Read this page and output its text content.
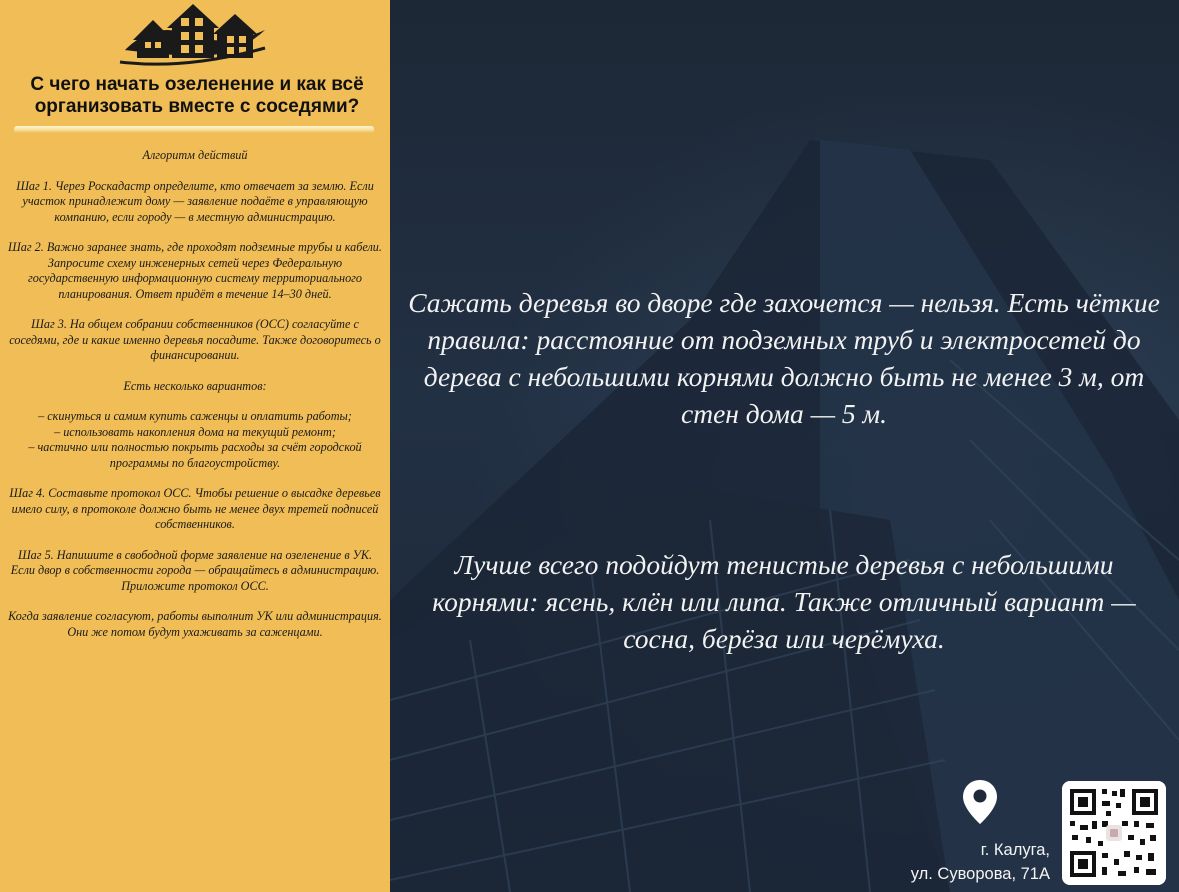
С чего начать озеленение и как всё организовать вместе с соседями?

Алгоритм действий

Шаг 1. Через Роскадастр определите, кто отвечает за землю. Если участок принадлежит дому — заявление подаёте в управляющую компанию, если городу — в местную администрацию.

Шаг 2. Важно заранее знать, где проходят подземные трубы и кабели. Запросите схему инженерных сетей через Федеральную государственную информационную систему территориального планирования. Ответ придёт в течение 14–30 дней.

Шаг 3. На общем собрании собственников (ОСС) согласуйте с соседями, где и какие именно деревья посадите. Также договоритесь о финансировании.

Есть несколько вариантов:

– скинуться и самим купить саженцы и оплатить работы;

– использовать накопления дома на текущий ремонт;

– частично или полностью покрыть расходы за счёт городской программы по благоустройству.

Шаг 4. Составьте протокол ОСС. Чтобы решение о высадке деревьев имело силу, в протоколе должно быть не менее двух третей подписей собственников.

Шаг 5. Напишите в свободной форме заявление на озеленение в УК. Если двор в собственности города — обращайтесь в администрацию. Приложите протокол ОСС.

Когда заявление согласуют, работы выполнит УК или администрация. Они же потом будут ухаживать за саженцами.

Сажать деревья во дворе где захочется — нельзя. Есть чёткие правила: расстояние от подземных труб и электросетей до дерева с небольшими корнями должно быть не менее 3 м, от стен дома — 5 м.
Лучше всего подойдут тенистые деревья с небольшими корнями: ясень, клён или липа. Также отличный вариант — сосна, берёза или черёмуха.
г. Калуга,
ул. Суворова, 71А
